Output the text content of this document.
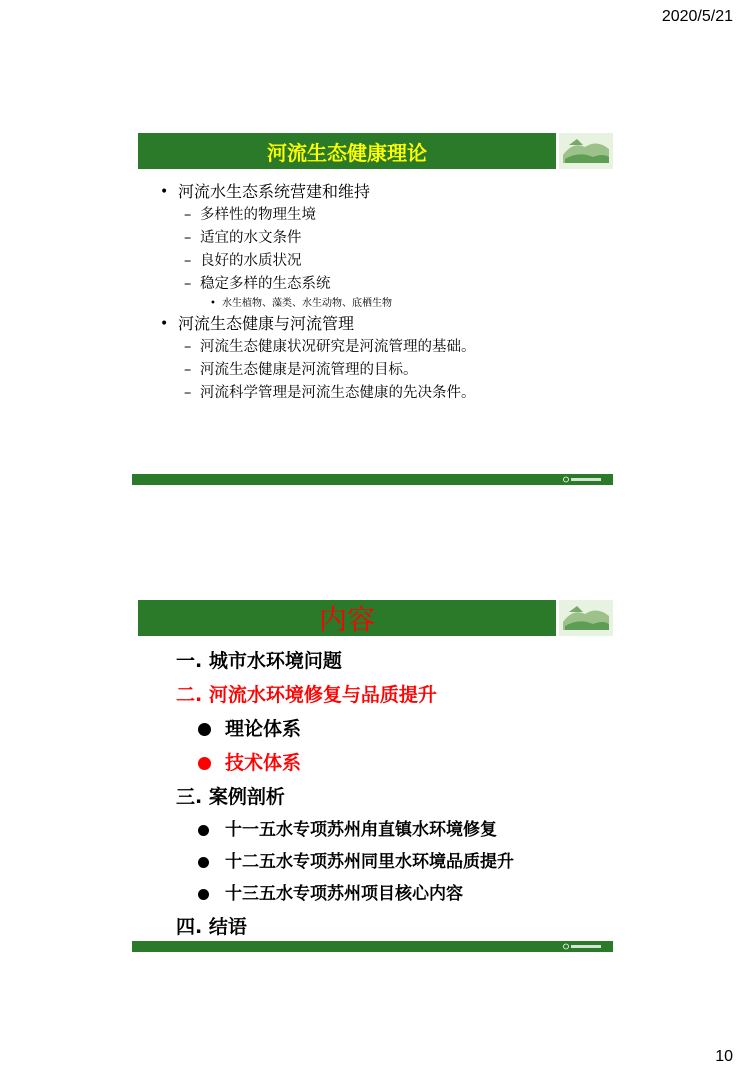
2020/5/21
河流生态健康理论
• 河流水生态系统营建和维持
– 多样性的物理生境
– 适宜的水文条件
– 良好的水质状况
– 稳定多样的生态系统
• 水生植物、藻类、水生动物、底栖生物
• 河流生态健康与河流管理
– 河流生态健康状况研究是河流管理的基础。
– 河流生态健康是河流管理的目标。
– 河流科学管理是河流生态健康的先决条件。
内容
一. 城市水环境问题
二. 河流水环境修复与品质提升
理论体系
技术体系
三. 案例剖析
十一五水专项苏州甪直镇水环境修复
十二五水专项苏州同里水环境品质提升
十三五水专项苏州项目核心内容
四. 结语
10
